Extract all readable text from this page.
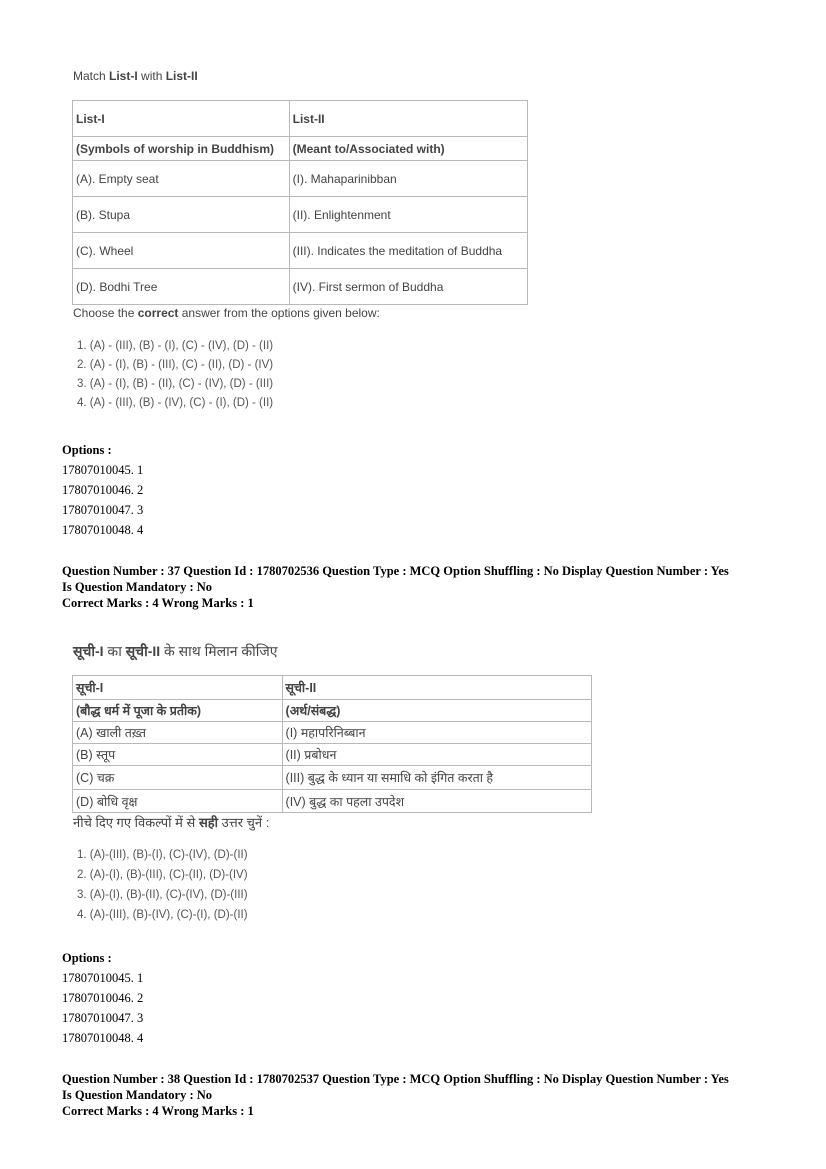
Match List-I with List-II
List-I	List-II
(Symbols of worship in Buddhism)	(Meant to/Associated with)
(A). Empty seat	(I). Mahaparinibban
(B). Stupa	(II). Enlightenment
(C). Wheel	(III). Indicates the meditation of Buddha
(D). Bodhi Tree	(IV). First sermon of Buddha
Choose the correct answer from the options given below:
1. (A) - (III), (B) - (I), (C) - (IV), (D) - (II)
2. (A) - (I), (B) - (III), (C) - (II), (D) - (IV)
3. (A) - (I), (B) - (II), (C) - (IV), (D) - (III)
4. (A) - (III), (B) - (IV), (C) - (I), (D) - (II)
Options :
17807010045. 1
17807010046. 2
17807010047. 3
17807010048. 4
Question Number : 37 Question Id : 1780702536 Question Type : MCQ Option Shuffling : No Display Question Number : Yes
Is Question Mandatory : No
Correct Marks : 4 Wrong Marks : 1
सूची-I का सूची-II के साथ मिलान कीजिए
सूची-I	सूची-II
(बौद्ध धर्म में पूजा के प्रतीक)	(अर्थ/संबद्ध)
(A) खाली तख़्त	(I) महापरिनिब्बान
(B) स्तूप	(II) प्रबोधन
(C) चक्र	(III) बुद्ध के ध्यान या समाधि को इंगित करता है
(D) बोधि वृक्ष	(IV) बुद्ध का पहला उपदेश
नीचे दिए गए विकल्पों में से सही उत्तर चुनें :
1. (A)-(III), (B)-(I), (C)-(IV), (D)-(II)
2. (A)-(I), (B)-(III), (C)-(II), (D)-(IV)
3. (A)-(I), (B)-(II), (C)-(IV), (D)-(III)
4. (A)-(III), (B)-(IV), (C)-(I), (D)-(II)
Options :
17807010045. 1
17807010046. 2
17807010047. 3
17807010048. 4
Question Number : 38 Question Id : 1780702537 Question Type : MCQ Option Shuffling : No Display Question Number : Yes
Is Question Mandatory : No
Correct Marks : 4 Wrong Marks : 1
